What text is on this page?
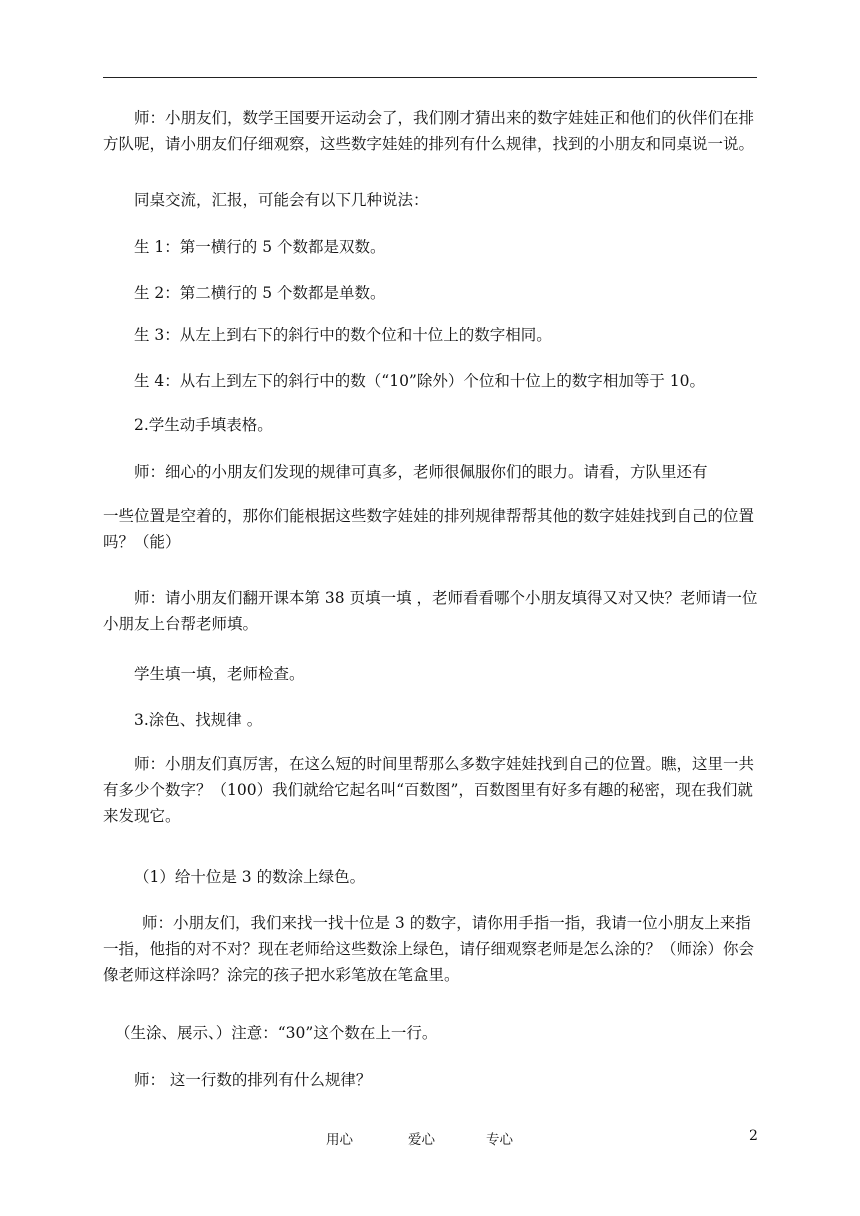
师：小朋友们，数学王国要开运动会了，我们刚才猜出来的数字娃娃正和他们的伙伴们在排方队呢，请小朋友们仔细观察，这些数字娃娃的排列有什么规律，找到的小朋友和同桌说一说。

同桌交流，汇报，可能会有以下几种说法：

生 1：第一横行的 5 个数都是双数。

生 2：第二横行的 5 个数都是单数。

生 3：从左上到右下的斜行中的数个位和十位上的数字相同。

生 4：从右上到左下的斜行中的数（“10”除外）个位和十位上的数字相加等于 10。

2.学生动手填表格。

师：细心的小朋友们发现的规律可真多，老师很佩服你们的眼力。请看，方队里还有

一些位置是空着的，那你们能根据这些数字娃娃的排列规律帮帮其他的数字娃娃找到自己的位置吗？（能）

师：请小朋友们翻开课本第 38 页填一填 ，老师看看哪个小朋友填得又对又快？老师请一位小朋友上台帮老师填。

学生填一填，老师检查。

3.涂色、找规律 。

师：小朋友们真厉害，在这么短的时间里帮那么多数字娃娃找到自己的位置。瞧，这里一共有多少个数字？（100）我们就给它起名叫“百数图”，百数图里有好多有趣的秘密，现在我们就来发现它。

（1）给十位是 3 的数涂上绿色。

师：小朋友们，我们来找一找十位是 3 的数字，请你用手指一指，我请一位小朋友上来指一指，他指的对不对？现在老师给这些数涂上绿色，请仔细观察老师是怎么涂的？（师涂）你会像老师这样涂吗？涂完的孩子把水彩笔放在笔盒里。

（生涂、展示、）注意：“30”这个数在上一行。

师： 这一行数的排列有什么规律？

用心	爱心	专心	2
